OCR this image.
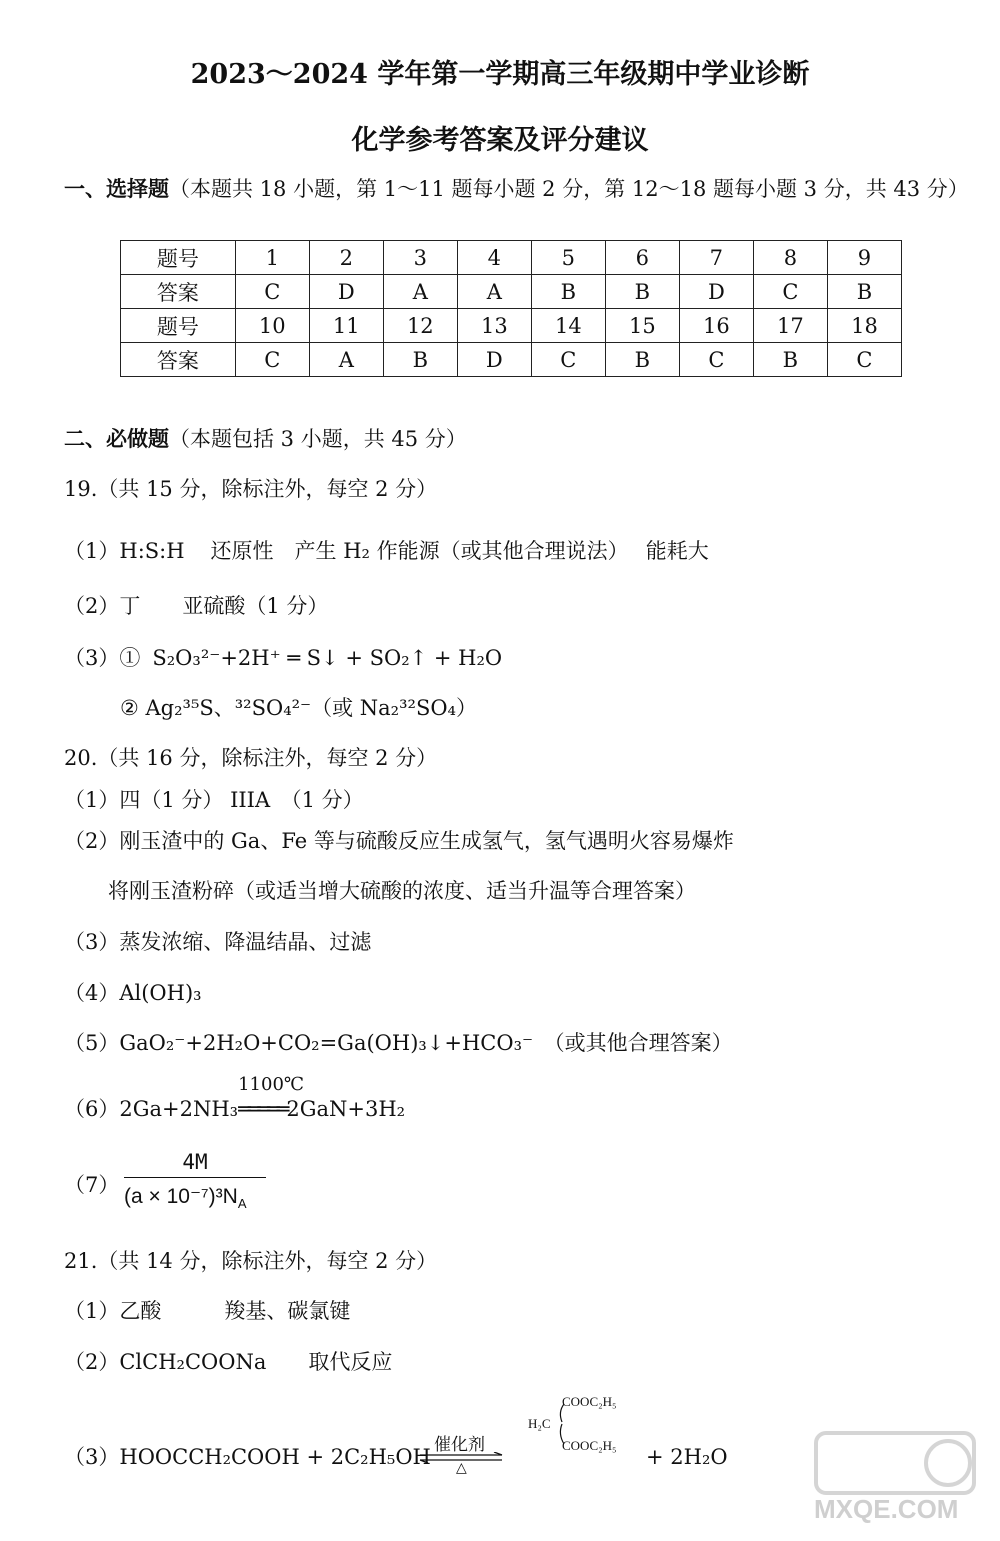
2023～2024 学年第一学期高三年级期中学业诊断
化学参考答案及评分建议
一、选择题（本题共 18 小题，第 1～11 题每小题 2 分，第 12～18 题每小题 3 分，共 43 分）
题号	1	2	3	4	5	6	7	8	9
答案	C	D	A	A	B	B	D	C	B
题号	10	11	12	13	14	15	16	17	18
答案	C	A	B	D	C	B	C	B	C
二、必做题（本题包括 3 小题，共 45 分）
19.（共 15 分，除标注外，每空 2 分）
（1）H:S:H 还原性　产生 H₂ 作能源（或其他合理说法）　 能耗大
（2）丁　　亚硫酸（1 分）
（3）① S₂O₃²⁻+2H⁺ ═ S↓ + SO₂↑ + H₂O
② Ag₂³⁵S、³²SO₄²⁻（或 Na₂³²SO₄）
20.（共 16 分，除标注外，每空 2 分）
（1）四（1 分） IIIA　（1 分）
（2）刚玉渣中的 Ga、Fe 等与硫酸反应生成氢气，氢气遇明火容易爆炸
将刚玉渣粉碎（或适当增大硫酸的浓度、适当升温等合理答案）
（3）蒸发浓缩、降温结晶、过滤
（4）Al(OH)₃
（5）GaO₂⁻+2H₂O+CO₂=Ga(OH)₃↓+HCO₃⁻　（或其他合理答案）
（6）2Ga+2NH₃
1100℃
═════2GaN+3H₂
（7）
4M
$(a \times 10^{-7})^3N_A$
21.（共 14 分，除标注外，每空 2 分）
（1）乙酸　　　羧基、碳氯键
（2）ClCH₂COONa　　取代反应
（3）HOOCCH₂COOH + 2C₂H₅OH 催化剂
△
COOC₂H₅
H₂C
COOC₂H₅ + 2H₂O
MXQE.COM
